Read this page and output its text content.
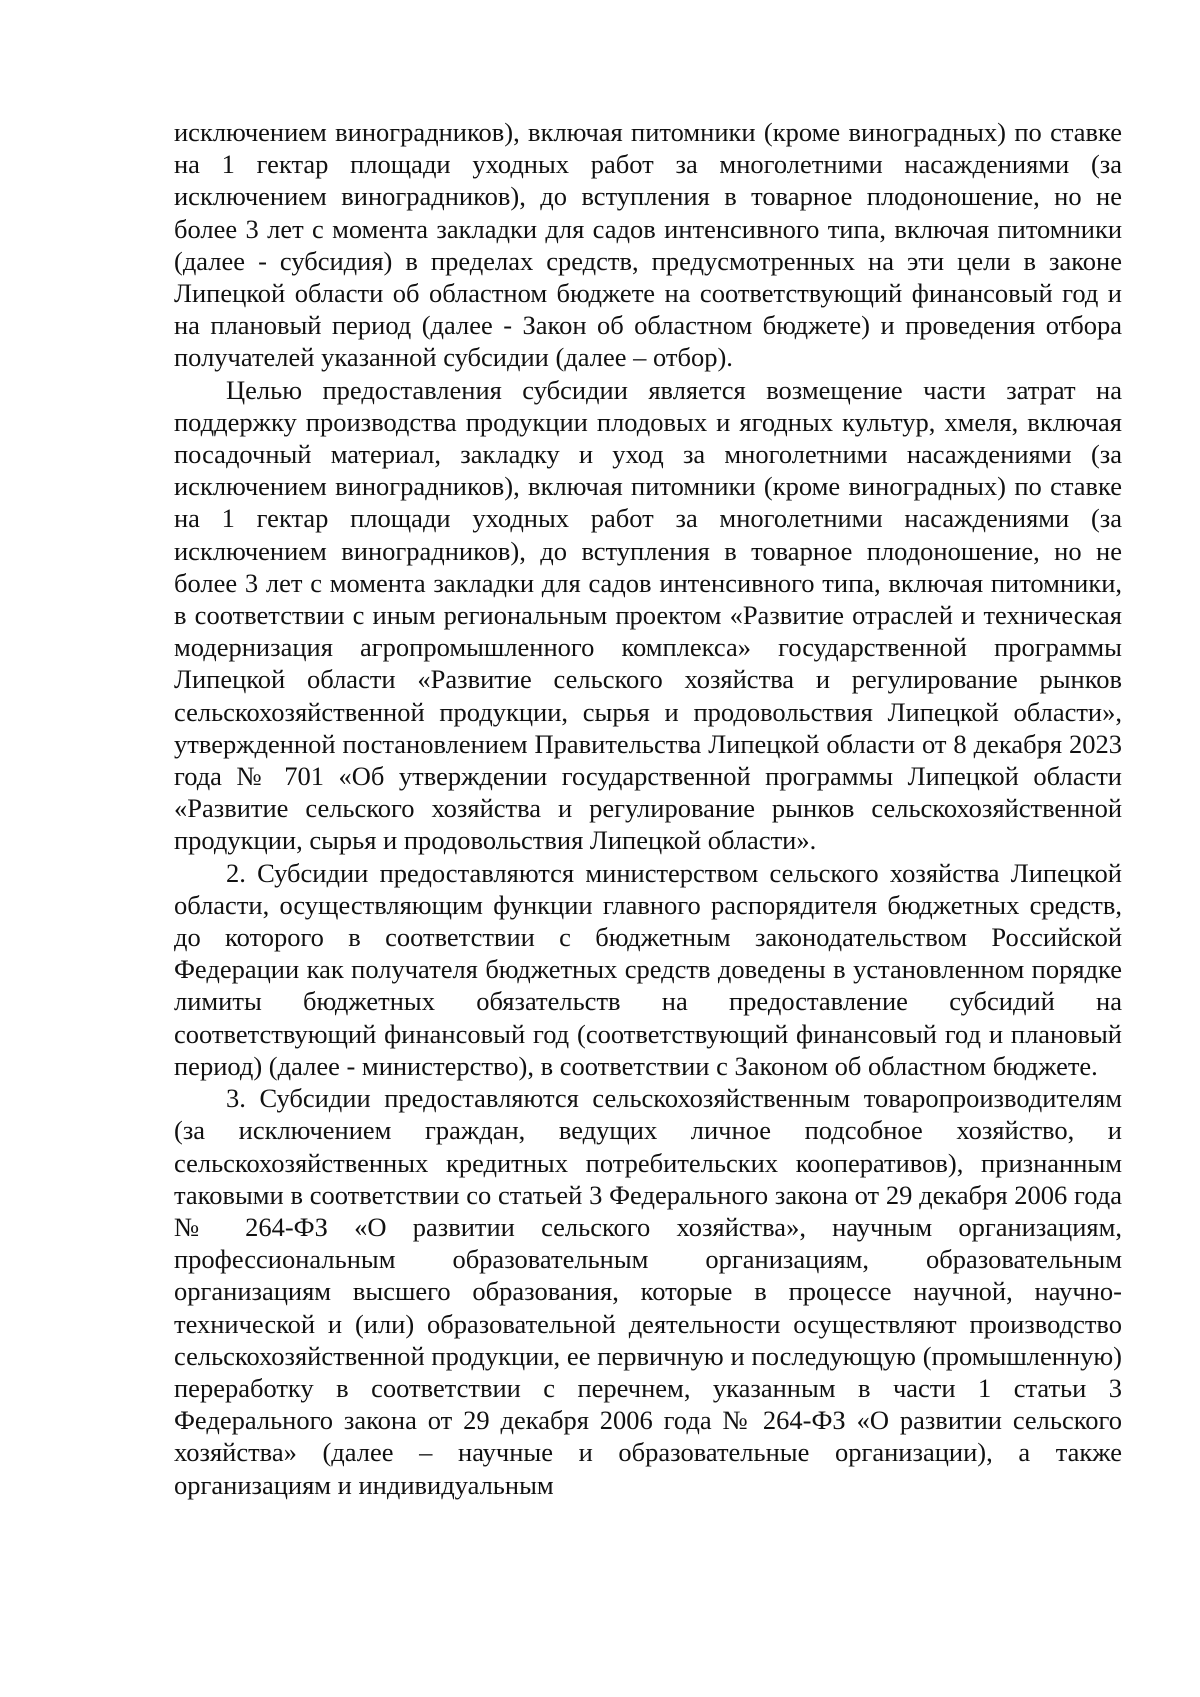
исключением виноградников), включая питомники (кроме виноградных) по ставке на 1 гектар площади уходных работ за многолетними насаждениями (за исключением виноградников), до вступления в товарное плодоношение, но не более 3 лет с момента закладки для садов интенсивного типа, включая питомники (далее - субсидия) в пределах средств, предусмотренных на эти цели в законе Липецкой области об областном бюджете на соответствующий финансовый год и на плановый период (далее - Закон об областном бюджете) и проведения отбора получателей указанной субсидии (далее – отбор).

Целью предоставления субсидии является возмещение части затрат на поддержку производства продукции плодовых и ягодных культур, хмеля, включая посадочный материал, закладку и уход за многолетними насаждениями (за исключением виноградников), включая питомники (кроме виноградных) по ставке на 1 гектар площади уходных работ за многолетними насаждениями (за исключением виноградников), до вступления в товарное плодоношение, но не более 3 лет с момента закладки для садов интенсивного типа, включая питомники, в соответствии с иным региональным проектом «Развитие отраслей и техническая модернизация агропромышленного комплекса» государственной программы Липецкой области «Развитие сельского хозяйства и регулирование рынков сельскохозяйственной продукции, сырья и продовольствия Липецкой области», утвержденной постановлением Правительства Липецкой области от 8 декабря 2023 года № 701 «Об утверждении государственной программы Липецкой области «Развитие сельского хозяйства и регулирование рынков сельскохозяйственной продукции, сырья и продовольствия Липецкой области».

2. Субсидии предоставляются министерством сельского хозяйства Липецкой области, осуществляющим функции главного распорядителя бюджетных средств, до которого в соответствии с бюджетным законодательством Российской Федерации как получателя бюджетных средств доведены в установленном порядке лимиты бюджетных обязательств на предоставление субсидий на соответствующий финансовый год (соответствующий финансовый год и плановый период) (далее - министерство), в соответствии с Законом об областном бюджете.

3. Субсидии предоставляются сельскохозяйственным товаропроизводителям (за исключением граждан, ведущих личное подсобное хозяйство, и сельскохозяйственных кредитных потребительских кооперативов), признанным таковыми в соответствии со статьей 3 Федерального закона от 29 декабря 2006 года № 264-ФЗ «О развитии сельского хозяйства», научным организациям, профессиональным образовательным организациям, образовательным организациям высшего образования, которые в процессе научной, научно-технической и (или) образовательной деятельности осуществляют производство сельскохозяйственной продукции, ее первичную и последующую (промышленную) переработку в соответствии с перечнем, указанным в части 1 статьи 3 Федерального закона от 29 декабря 2006 года № 264-ФЗ «О развитии сельского хозяйства» (далее – научные и образовательные организации), а также организациям и индивидуальным
